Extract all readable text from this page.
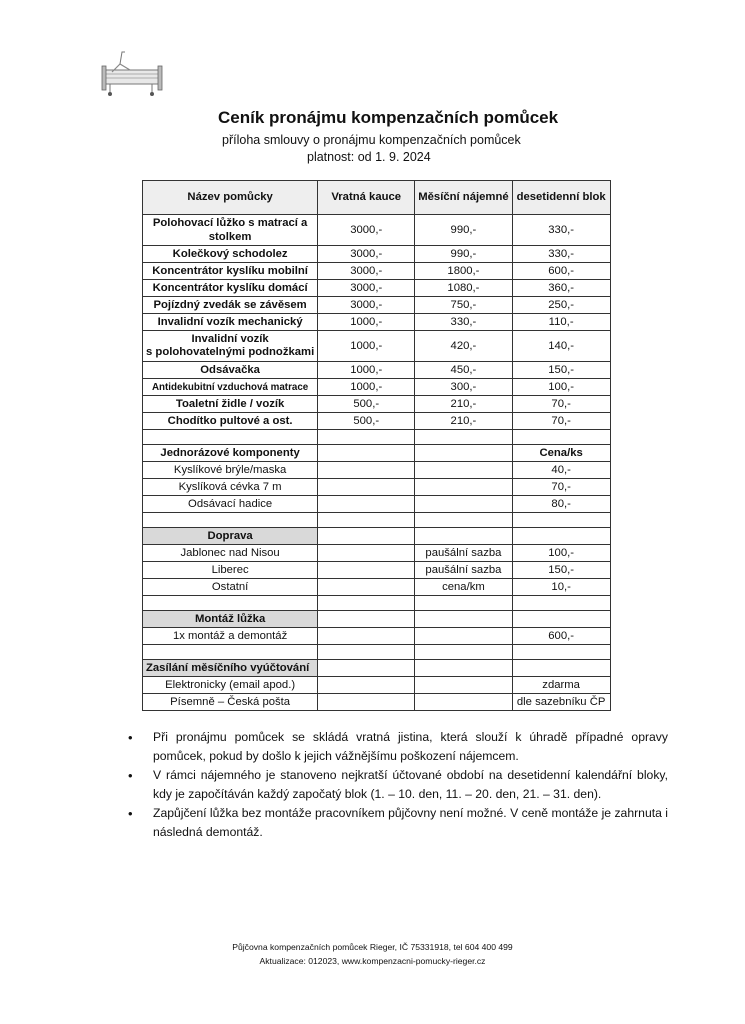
Ceník pronájmu kompenzačních pomůcek
příloha smlouvy o pronájmu kompenzačních pomůcek
platnost: od 1. 9. 2024
Název pomůcky	Vratná kauce	Měsíční nájemné	desetidenní blok
Polohovací lůžko s matrací a stolkem	3000,-	990,-	330,-
Kolečkový schodolez	3000,-	990,-	330,-
Koncentrátor kyslíku mobilní	3000,-	1800,-	600,-
Koncentrátor kyslíku domácí	3000,-	1080,-	360,-
Pojízdný zvedák se závěsem	3000,-	750,-	250,-
Invalidní vozík mechanický	1000,-	330,-	110,-

Invalidní vozík
s polohovatelnými podnožkami	1000,-	420,-	140,-
Odsávačka	1000,-	450,-	150,-
Antidekubitní vzduchová matrace	1000,-	300,-	100,-
Toaletní židle / vozík	500,-	210,-	70,-
Chodítko pultové a ost.	500,-	210,-	70,-

Jednorázové komponenty			Cena/ks
Kyslíkové brýle/maska			40,-
Kyslíková cévka 7 m			70,-
Odsávací hadice			80,-

Doprava			
Jablonec nad Nisou		paušální sazba	100,-
Liberec		paušální sazba	150,-
Ostatní		cena/km	10,-

Montáž lůžka			
1x montáž a demontáž			600,-

Zasílání měsíčního vyúčtování			
Elektronicky (email apod.)			zdarma
Písemně – Česká pošta			dle sazebníku ČP
• Při pronájmu pomůcek se skládá vratná jistina, která slouží k úhradě případné opravy pomůcek, pokud by došlo k jejich vážnějšímu poškození nájemcem.
• V rámci nájemného je stanoveno nejkratší účtované období na desetidenní kalendářní bloky, kdy je započítáván každý započatý blok (1. – 10. den, 11. – 20. den, 21. – 31. den).
• Zapůjčení lůžka bez montáže pracovníkem půjčovny není možné. V ceně montáže je zahrnuta i následná demontáž.
Půjčovna kompenzačních pomůcek Rieger, IČ 75331918, tel 604 400 499
Aktualizace: 012023, www.kompenzacni-pomucky-rieger.cz
